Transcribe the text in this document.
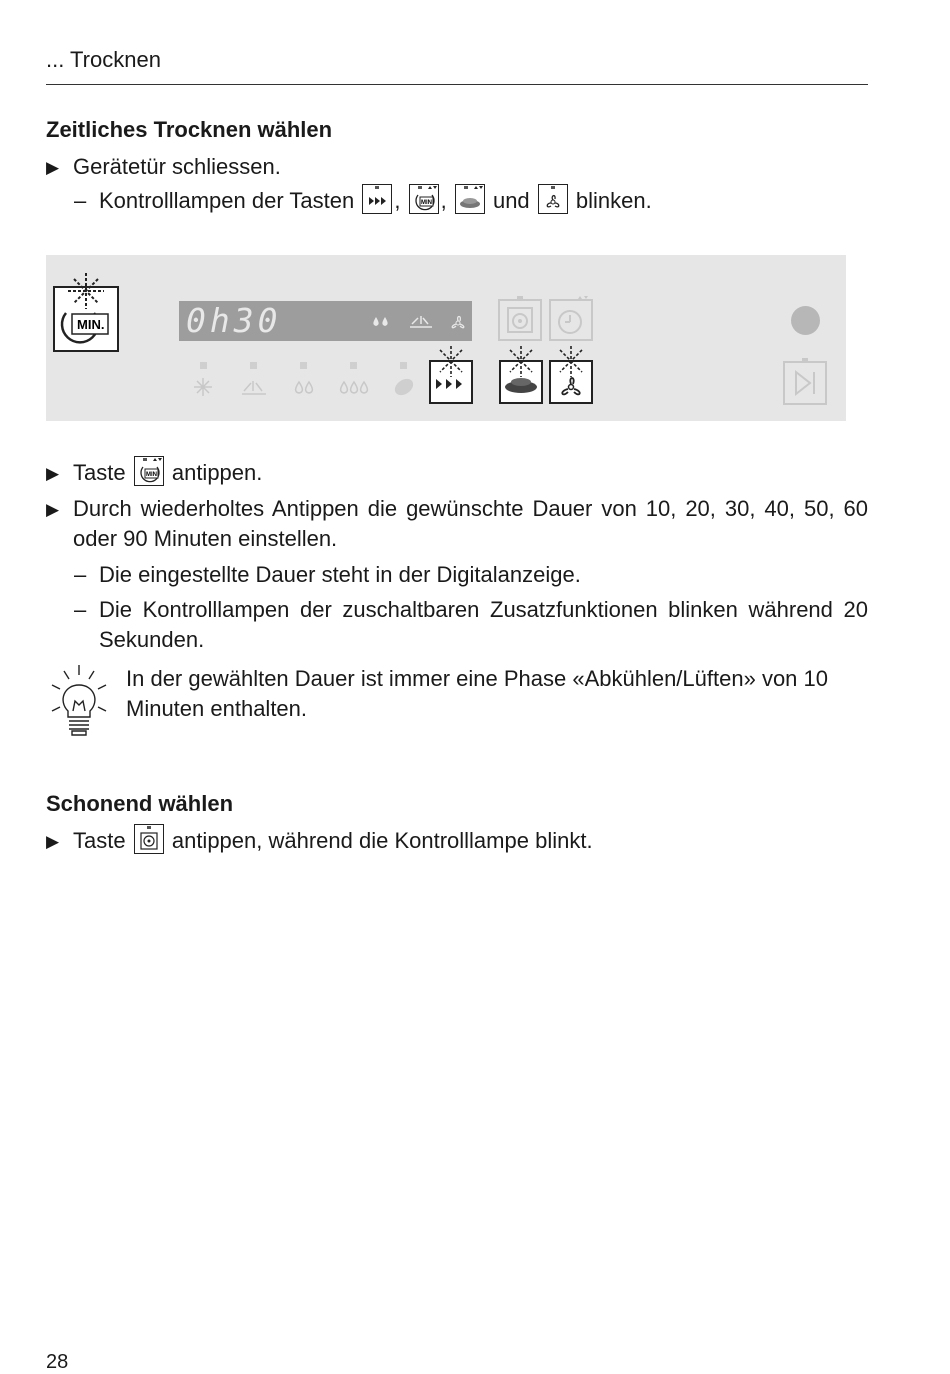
... Trocknen
Zeitliches Trocknen wählen
▶ Gerätetür schliessen.
– Kontrolllampen der Tasten ,	MIN , und blinken.
MIN. 0h30
▶ Taste	MIN antippen.
▶ Durch wiederholtes Antippen die gewünschte Dauer von 10, 20, 30, 40, 50, 60 oder 90 Minuten einstellen.
– Die eingestellte Dauer steht in der Digitalanzeige.
– Die Kontrolllampen der zuschaltbaren Zusatzfunktionen blinken während 20 Sekunden.
In der gewählten Dauer ist immer eine Phase «Abkühlen/Lüften» von 10 Minuten enthalten.
Schonend wählen
▶ Taste antippen, während die Kontrolllampe blinkt.
28
